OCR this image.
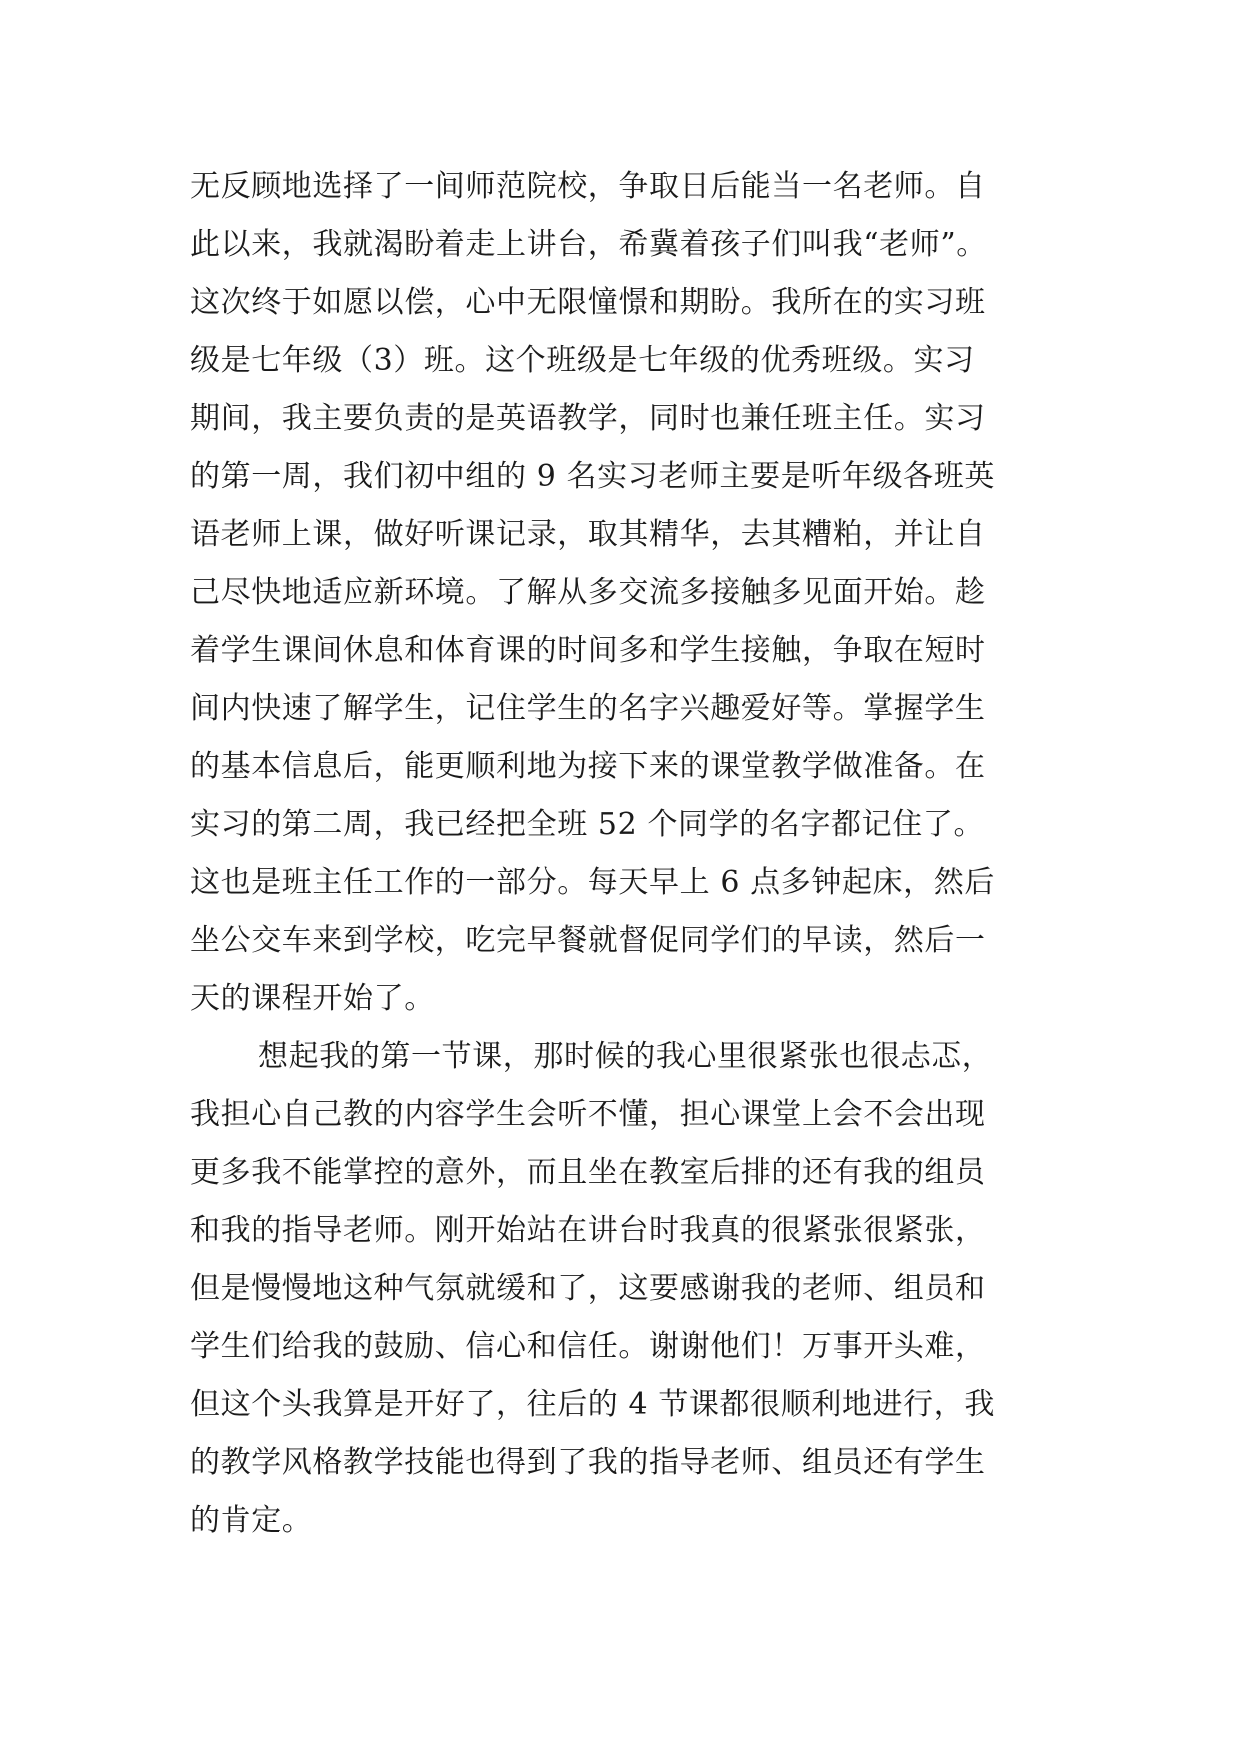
无反顾地选择了一间师范院校，争取日后能当一名老师。自
此以来，我就渴盼着走上讲台，希冀着孩子们叫我“老师”。
这次终于如愿以偿，心中无限憧憬和期盼。我所在的实习班
级是七年级（3）班。这个班级是七年级的优秀班级。实习
期间，我主要负责的是英语教学，同时也兼任班主任。实习
的第一周，我们初中组的 9 名实习老师主要是听年级各班英
语老师上课，做好听课记录，取其精华，去其糟粕，并让自
己尽快地适应新环境。了解从多交流多接触多见面开始。趁
着学生课间休息和体育课的时间多和学生接触，争取在短时
间内快速了解学生，记住学生的名字兴趣爱好等。掌握学生
的基本信息后，能更顺利地为接下来的课堂教学做准备。在
实习的第二周，我已经把全班 52 个同学的名字都记住了。
这也是班主任工作的一部分。每天早上 6 点多钟起床，然后
坐公交车来到学校，吃完早餐就督促同学们的早读，然后一
天的课程开始了。
想起我的第一节课，那时候的我心里很紧张也很忐忑，
我担心自己教的内容学生会听不懂，担心课堂上会不会出现
更多我不能掌控的意外，而且坐在教室后排的还有我的组员
和我的指导老师。刚开始站在讲台时我真的很紧张很紧张，
但是慢慢地这种气氛就缓和了，这要感谢我的老师、组员和
学生们给我的鼓励、信心和信任。谢谢他们！万事开头难，
但这个头我算是开好了，往后的 4 节课都很顺利地进行，我
的教学风格教学技能也得到了我的指导老师、组员还有学生
的肯定。
